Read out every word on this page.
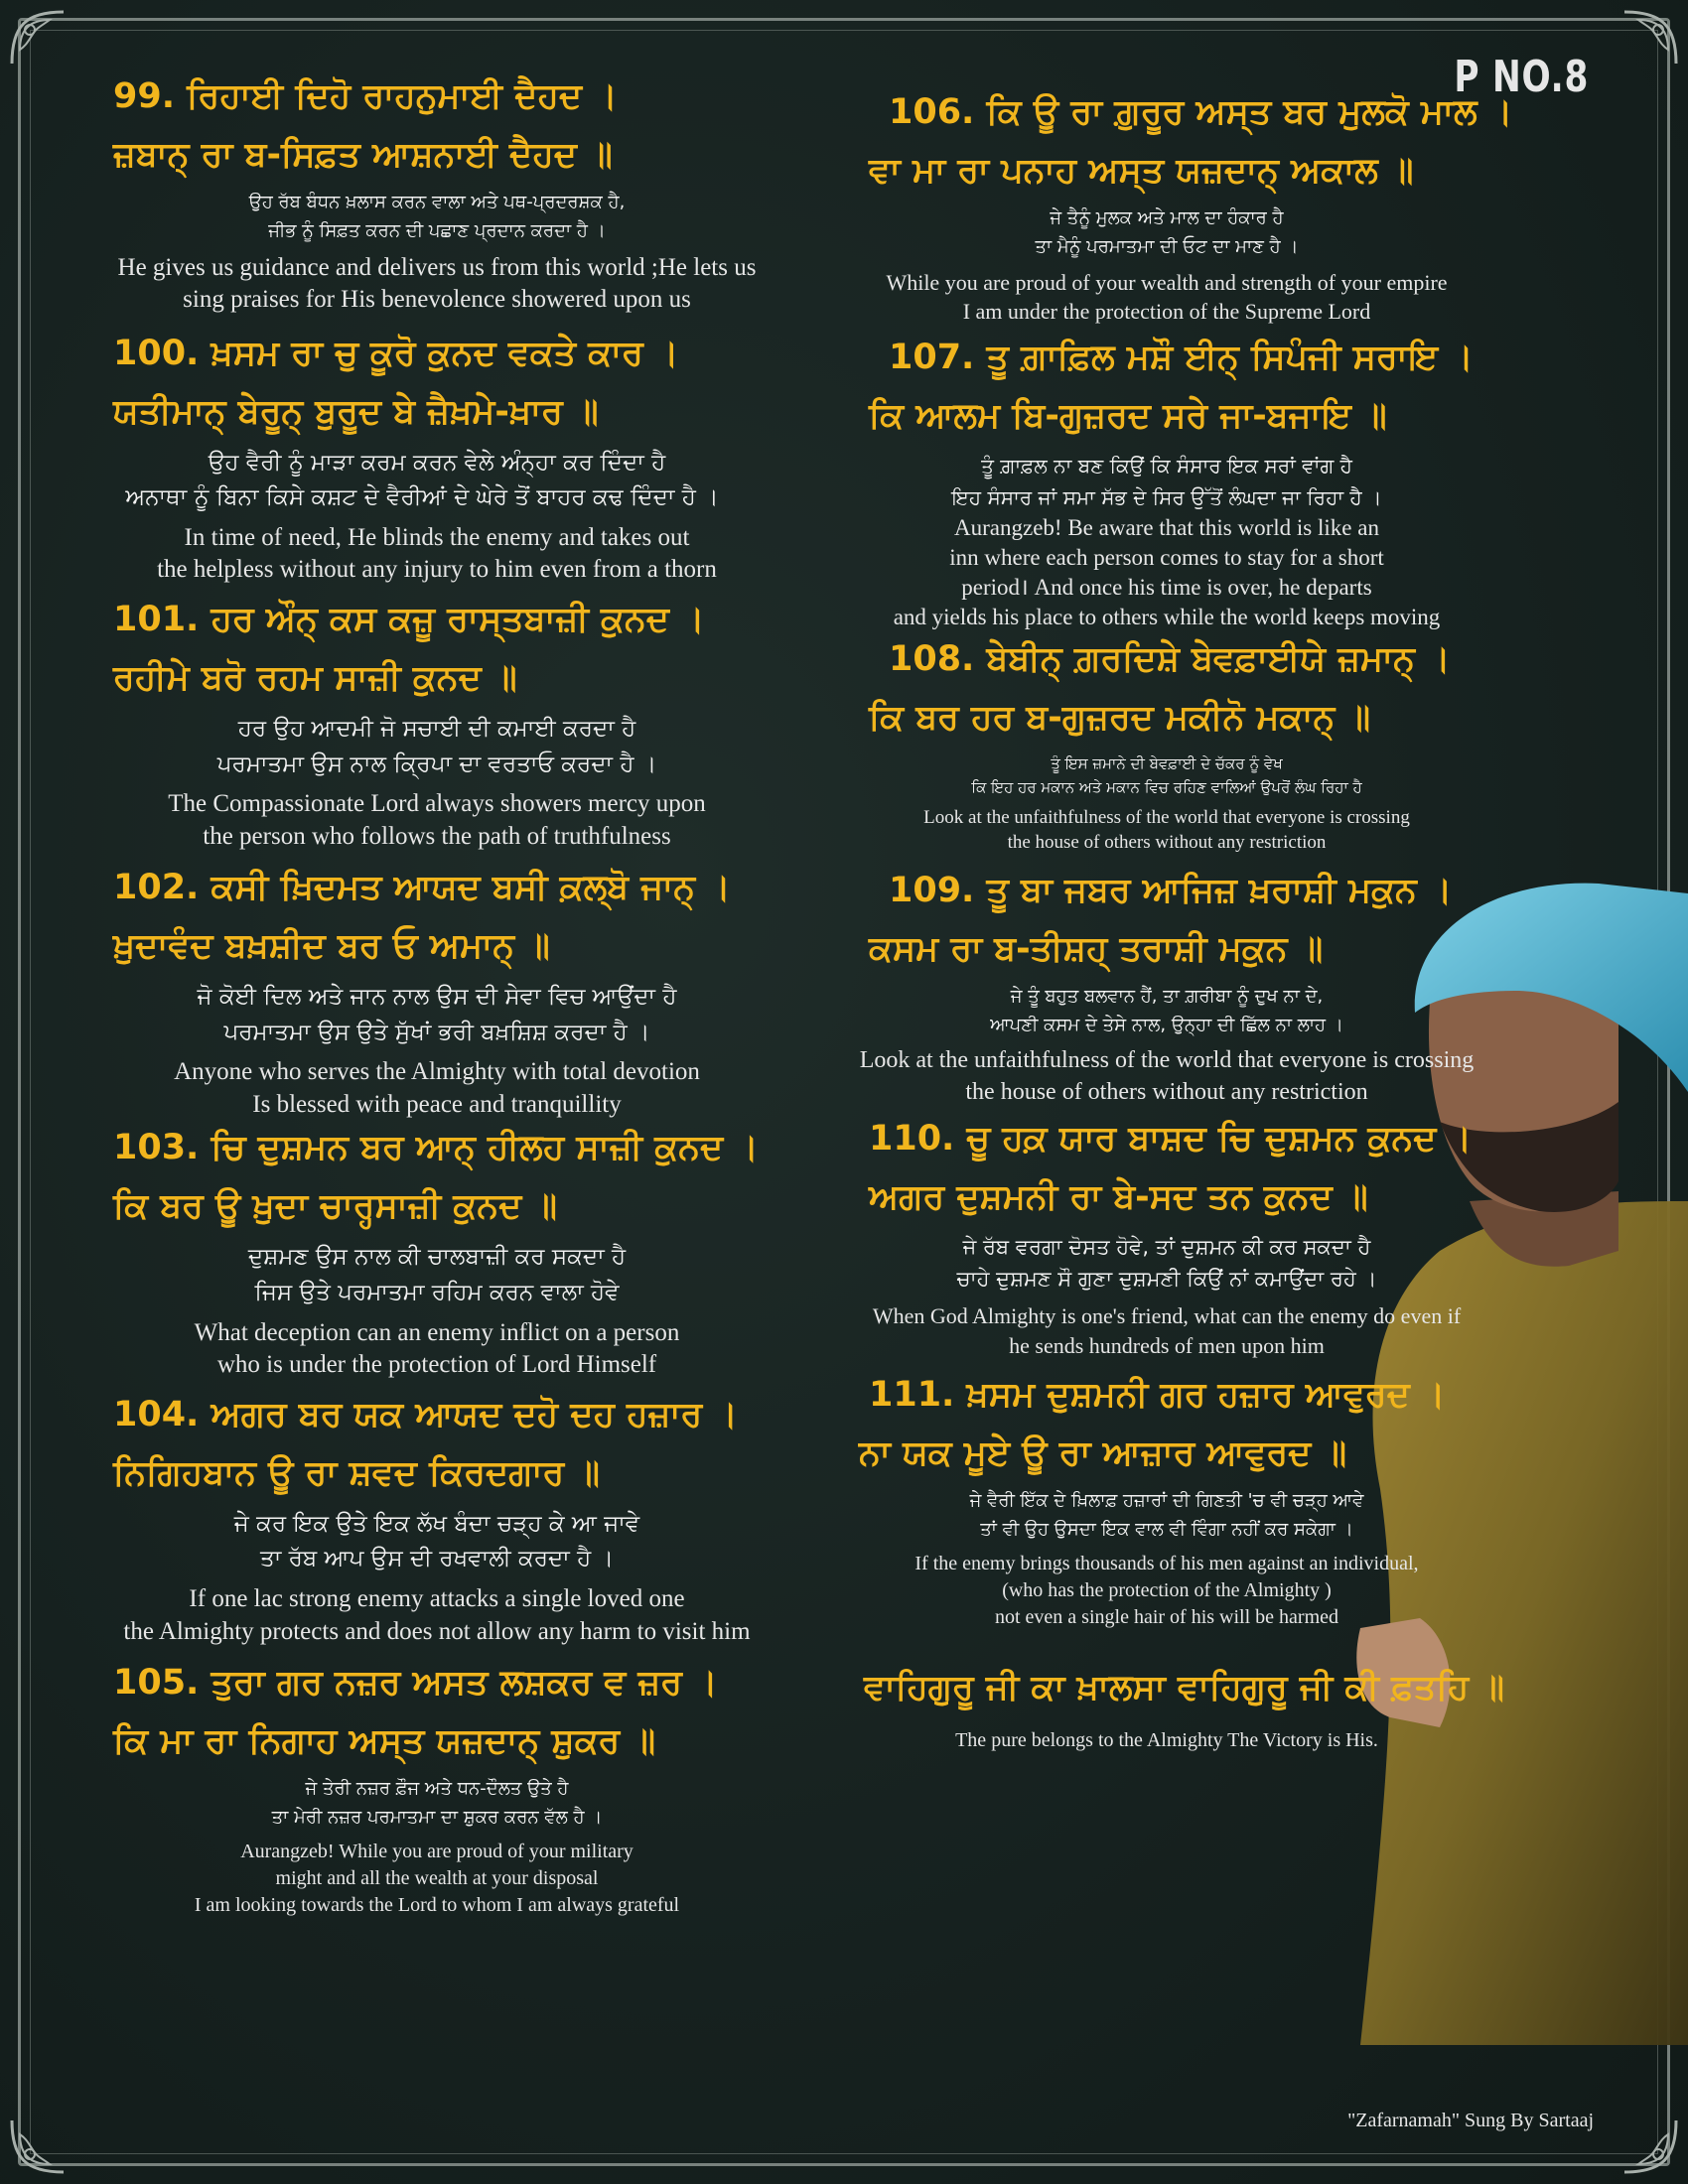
P NO.8

99. ਰਿਹਾਈ ਦਿਹੋ ਰਾਹਨੁਮਾਈ ਦੈਹਦ ।

ਜ਼ਬਾਨ੍ ਰਾ ਬ-ਸਿਫ਼ਤ ਆਸ਼ਨਾਈ ਦੈਹਦ ॥

ਉਹ ਰੱਬ ਬੰਧਨ ਖ਼ਲਾਸ ਕਰਨ ਵਾਲਾ ਅਤੇ ਪਥ-ਪ੍ਰਦਰਸ਼ਕ ਹੈ,
ਜੀਭ ਨੂੰ ਸਿਫ਼ਤ ਕਰਨ ਦੀ ਪਛਾਣ ਪ੍ਰਦਾਨ ਕਰਦਾ ਹੈ ।
He gives us guidance and delivers us from this world ;He lets us
sing praises for His benevolence showered upon us

100. ਖ਼ਸਮ ਰਾ ਚੁ ਕੂਰੋ ਕੁਨਦ ਵਕਤੇ ਕਾਰ ।

ਯਤੀਮਾਨ੍ ਬੇਰੂਨ੍ ਬੁਰੂਦ ਬੇ ਜ਼ੈਖ਼ਮੇ-ਖ਼ਾਰ ॥

ਉਹ ਵੈਰੀ ਨੂੰ ਮਾੜਾ ਕਰਮ ਕਰਨ ਵੇਲੇ ਅੰਨ੍ਹਾ ਕਰ ਦਿੰਦਾ ਹੈ
ਅਨਾਥਾ ਨੂੰ ਬਿਨਾ ਕਿਸੇ ਕਸ਼ਟ ਦੇ ਵੈਰੀਆਂ ਦੇ ਘੇਰੇ ਤੋਂ ਬਾਹਰ ਕਢ ਦਿੰਦਾ ਹੈ ।
In time of need, He blinds the enemy and takes out
the helpless without any injury to him even from a thorn

101. ਹਰ ਔਨ੍ ਕਸ ਕਜ਼ੂ ਰਾਸ੍ਤਬਾਜ਼ੀ ਕੁਨਦ ।

ਰਹੀਮੇ ਬਰੋ ਰਹਮ ਸਾਜ਼ੀ ਕੁਨਦ ॥

ਹਰ ਉਹ ਆਦਮੀ ਜੋ ਸਚਾਈ ਦੀ ਕਮਾਈ ਕਰਦਾ ਹੈ
ਪਰਮਾਤਮਾ ਉਸ ਨਾਲ ਕ੍ਰਿਪਾ ਦਾ ਵਰਤਾਓ ਕਰਦਾ ਹੈ ।
The Compassionate Lord always showers mercy upon
the person who follows the path of truthfulness

102. ਕਸੀ ਖ਼ਿਦਮਤ ਆਯਦ ਬਸੀ ਕ਼ਲ੍ਬੋ ਜਾਨ੍ ।

ਖ਼ੁਦਾਵੰਦ ਬਖ਼ਸ਼ੀਦ ਬਰ ਓ ਅਮਾਨ੍ ॥

ਜੋ ਕੋਈ ਦਿਲ ਅਤੇ ਜਾਨ ਨਾਲ ਉਸ ਦੀ ਸੇਵਾ ਵਿਚ ਆਉਂਦਾ ਹੈ
ਪਰਮਾਤਮਾ ਉਸ ਉਤੇ ਸੁੱਖਾਂ ਭਰੀ ਬਖ਼ਸ਼ਿਸ਼ ਕਰਦਾ ਹੈ ।
Anyone who serves the Almighty with total devotion
Is blessed with peace and tranquillity

103. ਚਿ ਦੁਸ਼ਮਨ ਬਰ ਆਨ੍ ਹੀਲਹ ਸਾਜ਼ੀ ਕੁਨਦ ।

ਕਿ ਬਰ ਊ ਖ਼ੁਦਾ ਚਾਰਹ੍ਸਾਜ਼ੀ ਕੁਨਦ ॥

ਦੁਸ਼ਮਣ ਉਸ ਨਾਲ ਕੀ ਚਾਲਬਾਜ਼ੀ ਕਰ ਸਕਦਾ ਹੈ
ਜਿਸ ਉਤੇ ਪਰਮਾਤਮਾ ਰਹਿਮ ਕਰਨ ਵਾਲਾ ਹੋਵੇ
What deception can an enemy inflict on a person
who is under the protection of Lord Himself

104. ਅਗਰ ਬਰ ਯਕ ਆਯਦ ਦਹੋ ਦਹ ਹਜ਼ਾਰ ।

ਨਿਗਿਹਬਾਨ ਊ ਰਾ ਸ਼ਵਦ ਕਿਰਦਗਾਰ ॥

ਜੇ ਕਰ ਇਕ ਉਤੇ ਇਕ ਲੱਖ ਬੰਦਾ ਚੜ੍ਹ ਕੇ ਆ ਜਾਵੇ
ਤਾ ਰੱਬ ਆਪ ਉਸ ਦੀ ਰਖਵਾਲੀ ਕਰਦਾ ਹੈ ।
If one lac strong enemy attacks a single loved one
the Almighty protects and does not allow any harm to visit him

105. ਤੁਰਾ ਗਰ ਨਜ਼ਰ ਅਸਤ ਲਸ਼ਕਰ ਵ ਜ਼ਰ ।

ਕਿ ਮਾ ਰਾ ਨਿਗਾਹ ਅਸ੍ਤ ਯਜ਼ਦਾਨ੍ ਸ਼ੁਕਰ ॥

ਜੇ ਤੇਰੀ ਨਜ਼ਰ ਫ਼ੌਜ ਅਤੇ ਧਨ-ਦੌਲਤ ਉਤੇ ਹੈ
ਤਾ ਮੇਰੀ ਨਜ਼ਰ ਪਰਮਾਤਮਾ ਦਾ ਸ਼ੁਕਰ ਕਰਨ ਵੱਲ ਹੈ ।
Aurangzeb! While you are proud of your military
might and all the wealth at your disposal
I am looking towards the Lord to whom I am always grateful

106. ਕਿ ਊ ਰਾ ਗ਼ੁਰੂਰ ਅਸ੍ਤ ਬਰ ਮੁਲਕੋ ਮਾਲ ।

ਵਾ ਮਾ ਰਾ ਪਨਾਹ ਅਸ੍ਤ ਯਜ਼ਦਾਨ੍ ਅਕਾਲ ॥

ਜੇ ਤੈਨੂੰ ਮੁਲਕ ਅਤੇ ਮਾਲ ਦਾ ਹੰਕਾਰ ਹੈ
ਤਾ ਮੈਨੂੰ ਪਰਮਾਤਮਾ ਦੀ ਓਟ ਦਾ ਮਾਣ ਹੈ ।
While you are proud of your wealth and strength of your empire
I am under the protection of the Supreme Lord

107. ਤੂ ਗ਼ਾਫ਼ਿਲ ਮਸ਼ੌ ਈਨ੍ ਸਿਪੰਜੀ ਸਰਾਇ ।

ਕਿ ਆਲਮ ਬਿ-ਗੁਜ਼ਰਦ ਸਰੇ ਜਾ-ਬਜਾਇ ॥

ਤੂੰ ਗ਼ਾਫ਼ਲ ਨਾ ਬਣ ਕਿਉਂ ਕਿ ਸੰਸਾਰ ਇਕ ਸਰਾਂ ਵਾਂਗ ਹੈ
ਇਹ ਸੰਸਾਰ ਜਾਂ ਸਮਾ ਸੱਭ ਦੇ ਸਿਰ ਉੱਤੋਂ ਲੰਘਦਾ ਜਾ ਰਿਹਾ ਹੈ ।
Aurangzeb! Be aware that this world is like an
inn where each person comes to stay for a short
period। And once his time is over, he departs
and yields his place to others while the world keeps moving

108. ਬੇਬੀਨ੍ ਗ਼ਰਦਿਸ਼ੇ ਬੇਵਫ਼ਾਈਯੇ ਜ਼ਮਾਨ੍ ।

ਕਿ ਬਰ ਹਰ ਬ-ਗੁਜ਼ਰਦ ਮਕੀਨੋ ਮਕਾਨ੍ ॥

ਤੂੰ ਇਸ ਜ਼ਮਾਨੇ ਦੀ ਬੇਵਫ਼ਾਈ ਦੇ ਚੱਕਰ ਨੂੰ ਵੇਖ
ਕਿ ਇਹ ਹਰ ਮਕਾਨ ਅਤੇ ਮਕਾਨ ਵਿਚ ਰਹਿਣ ਵਾਲਿਆਂ ਉਪਰੋਂ ਲੰਘ ਰਿਹਾ ਹੈ
Look at the unfaithfulness of the world that everyone is crossing
the house of others without any restriction

109. ਤੂ ਬਾ ਜਬਰ ਆਜਿਜ਼ ਖ਼ਰਾਸ਼ੀ ਮਕੁਨ ।

ਕਸਮ ਰਾ ਬ-ਤੀਸ਼ਹ੍ ਤਰਾਸ਼ੀ ਮਕੁਨ ॥

ਜੇ ਤੂੰ ਬਹੁਤ ਬਲਵਾਨ ਹੈਂ, ਤਾ ਗ਼ਰੀਬਾ ਨੂੰ ਦੁਖ ਨਾ ਦੇ,
ਆਪਣੀ ਕਸਮ ਦੇ ਤੇਸੇ ਨਾਲ, ਉਨ੍ਹਾ ਦੀ ਛਿੱਲ ਨਾ ਲਾਹ ।
Look at the unfaithfulness of the world that everyone is crossing
the house of others without any restriction

110. ਚੂ ਹਕ਼ ਯਾਰ ਬਾਸ਼ਦ ਚਿ ਦੁਸ਼ਮਨ ਕੁਨਦ ।

ਅਗਰ ਦੁਸ਼ਮਨੀ ਰਾ ਬੇ-ਸਦ ਤਨ ਕੁਨਦ ॥

ਜੇ ਰੱਬ ਵਰਗਾ ਦੋਸਤ ਹੋਵੇ, ਤਾਂ ਦੁਸ਼ਮਨ ਕੀ ਕਰ ਸਕਦਾ ਹੈ
ਚਾਹੇ ਦੁਸ਼ਮਣ ਸੌ ਗੁਣਾ ਦੁਸ਼ਮਣੀ ਕਿਉਂ ਨਾਂ ਕਮਾਉਂਦਾ ਰਹੇ ।
When God Almighty is one's friend, what can the enemy do even if
he sends hundreds of men upon him

111. ਖ਼ਸਮ ਦੁਸ਼ਮਨੀ ਗਰ ਹਜ਼ਾਰ ਆਵੁਰਦ ।

ਨਾ ਯਕ ਮੂਏ ਊ ਰਾ ਆਜ਼ਾਰ ਆਵੁਰਦ ॥

ਜੇ ਵੈਰੀ ਇੱਕ ਦੇ ਖ਼ਿਲਾਫ਼ ਹਜ਼ਾਰਾਂ ਦੀ ਗਿਣਤੀ 'ਚ ਵੀ ਚੜ੍ਹ ਆਵੇ
ਤਾਂ ਵੀ ਉਹ ਉਸਦਾ ਇਕ ਵਾਲ ਵੀ ਵਿੰਗਾ ਨਹੀਂ ਕਰ ਸਕੇਗਾ ।
If the enemy brings thousands of his men against an individual,
(who has the protection of the Almighty )
not even a single hair of his will be harmed

ਵਾਹਿਗੁਰੂ ਜੀ ਕਾ ਖ਼ਾਲਸਾ ਵਾਹਿਗੁਰੂ ਜੀ ਕੀ ਫ਼ਤਹਿ ॥

The pure belongs to the Almighty The Victory is His.
"Zafarnamah" Sung By Sartaaj
